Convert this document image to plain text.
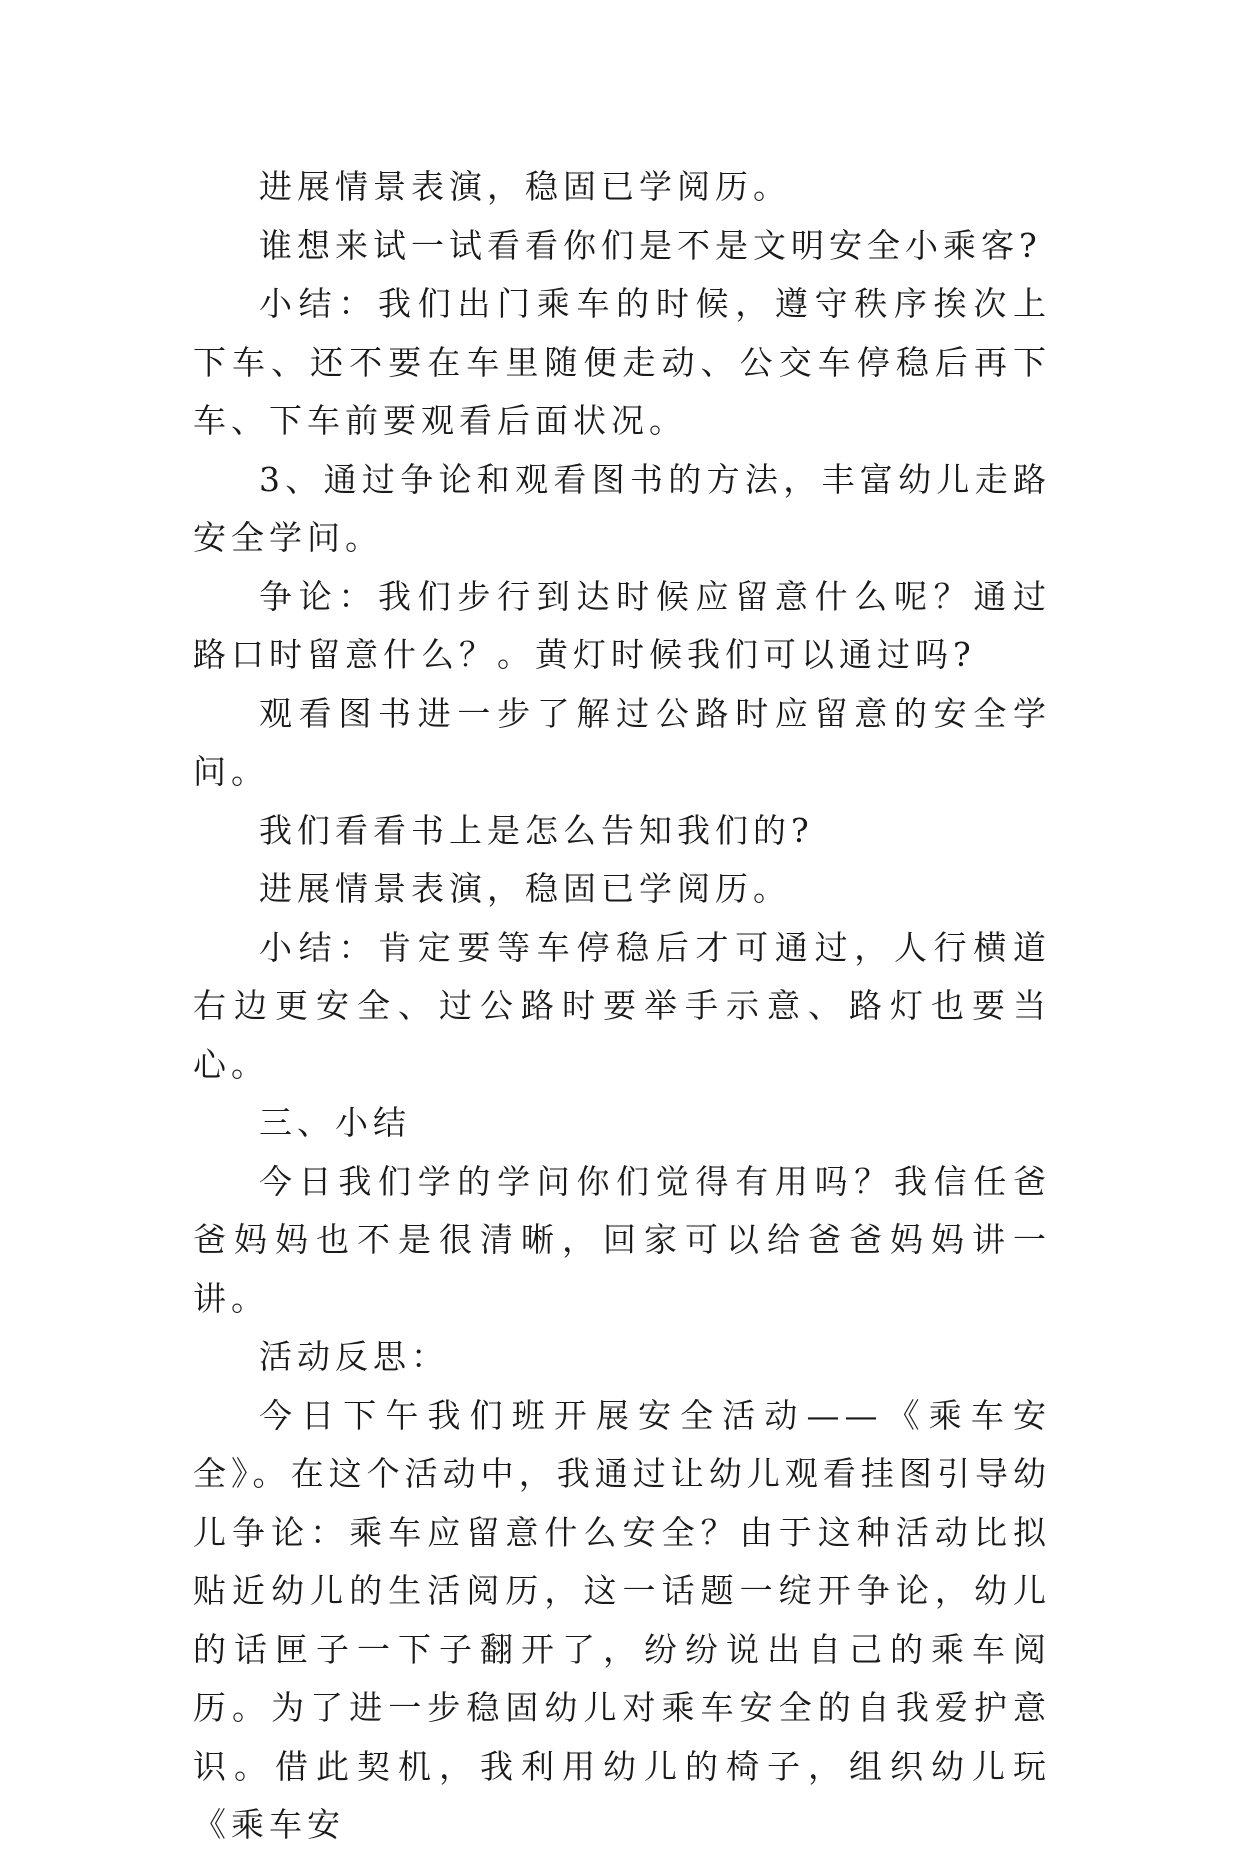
进展情景表演，稳固已学阅历。

谁想来试一试看看你们是不是文明安全小乘客?

小结：我们出门乘车的时候，遵守秩序挨次上下车、还不要在车里随便走动、公交车停稳后再下车、下车前要观看后面状况。

3、通过争论和观看图书的方法，丰富幼儿走路安全学问。

争论：我们步行到达时候应留意什么呢？通过路口时留意什么？。黄灯时候我们可以通过吗?

观看图书进一步了解过公路时应留意的安全学问。

我们看看书上是怎么告知我们的?

进展情景表演，稳固已学阅历。

小结：肯定要等车停稳后才可通过，人行横道右边更安全、过公路时要举手示意、路灯也要当心。

三、小结

今日我们学的学问你们觉得有用吗？我信任爸爸妈妈也不是很清晰，回家可以给爸爸妈妈讲一讲。

活动反思：

今日下午我们班开展安全活动——《乘车安全》。在这个活动中，我通过让幼儿观看挂图引导幼儿争论：乘车应留意什么安全？由于这种活动比拟贴近幼儿的生活阅历，这一话题一绽开争论，幼儿的话匣子一下子翻开了，纷纷说出自己的乘车阅历。为了进一步稳固幼儿对乘车安全的自我爱护意识。借此契机，我利用幼儿的椅子，组织幼儿玩《乘车安
